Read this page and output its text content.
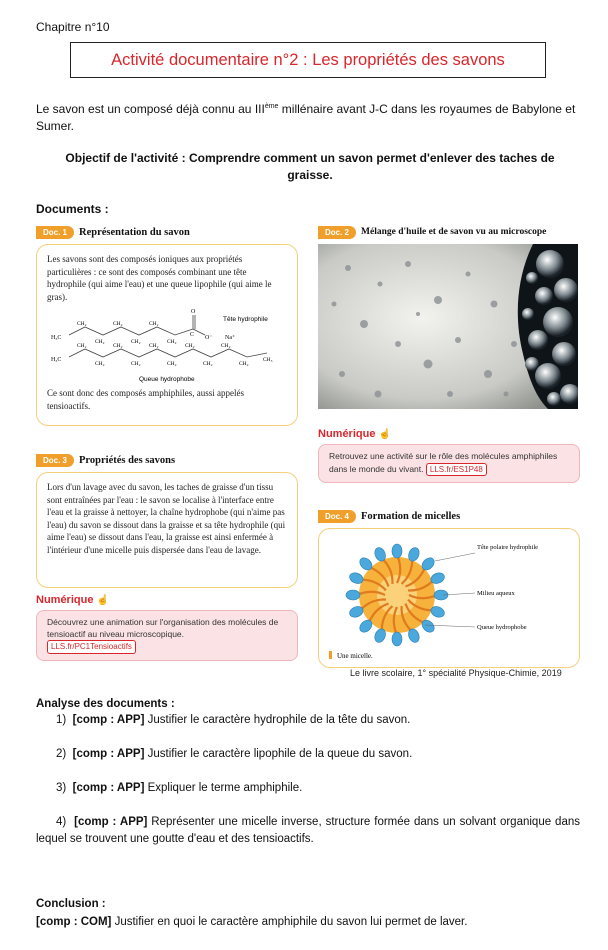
Chapitre n°10
Activité documentaire n°2 : Les propriétés des savons
Le savon est un composé déjà connu au IIIème millénaire avant J-C dans les royaumes de Babylone et Sumer.
Objectif de l'activité : Comprendre comment un savon permet d'enlever des taches de graisse.
Documents :
Doc. 1	Représentation du savon
Les savons sont des composés ioniques aux propriétés particulières : ce sont des composés combinant une tête hydrophile (qui aime l'eau) et une queue lipophile (qui aime le gras).
H₃C
H₃C
CH₂	CH₂	CH₂
CH₂	CH₂	CH₂
CH₂	CH₂	CH₂	CH₂	CH₂
CH₂	CH₂	CH₂	CH₂	CH₂
CH₃
O
C O⁻ Na⁺
Tête hydrophile
Queue hydrophobe
Ce sont donc des composés amphiphiles, aussi appelés tensioactifs.
Doc. 2	Mélange d'huile et de savon vu au microscope
Numérique ☝
Retrouvez une activité sur le rôle des molécules amphiphiles dans le monde du vivant. LLS.fr/ES1P48
Doc. 3	Propriétés des savons
Lors d'un lavage avec du savon, les taches de graisse d'un tissu sont entraînées par l'eau : le savon se localise à l'interface entre l'eau et la graisse à nettoyer, la chaîne hydrophobe (qui n'aime pas l'eau) du savon se dissout dans la graisse et sa tête hydrophile (qui aime l'eau) se dissout dans l'eau, la graisse est ainsi enfermée à l'intérieur d'une micelle puis dispersée dans l'eau de lavage.
Numérique ☝
Découvrez une animation sur l'organisation des molécules de tensioactif au niveau microscopique.
LLS.fr/PC1Tensioactifs
Doc. 4	Formation de micelles
Tête polaire hydrophile
Milieu aqueux
Queue hydrophobe
Une micelle.
Le livre scolaire, 1° spécialité Physique-Chimie, 2019
Analyse des documents :
1) [comp : APP] Justifier le caractère hydrophile de la tête du savon.
2) [comp : APP] Justifier le caractère lipophile de la queue du savon.
3) [comp : APP] Expliquer le terme amphiphile.
4) [comp : APP] Représenter une micelle inverse, structure formée dans un solvant organique dans lequel se trouvent une goutte d'eau et des tensioactifs.
Conclusion :
[comp : COM] Justifier en quoi le caractère amphiphile du savon lui permet de laver.
